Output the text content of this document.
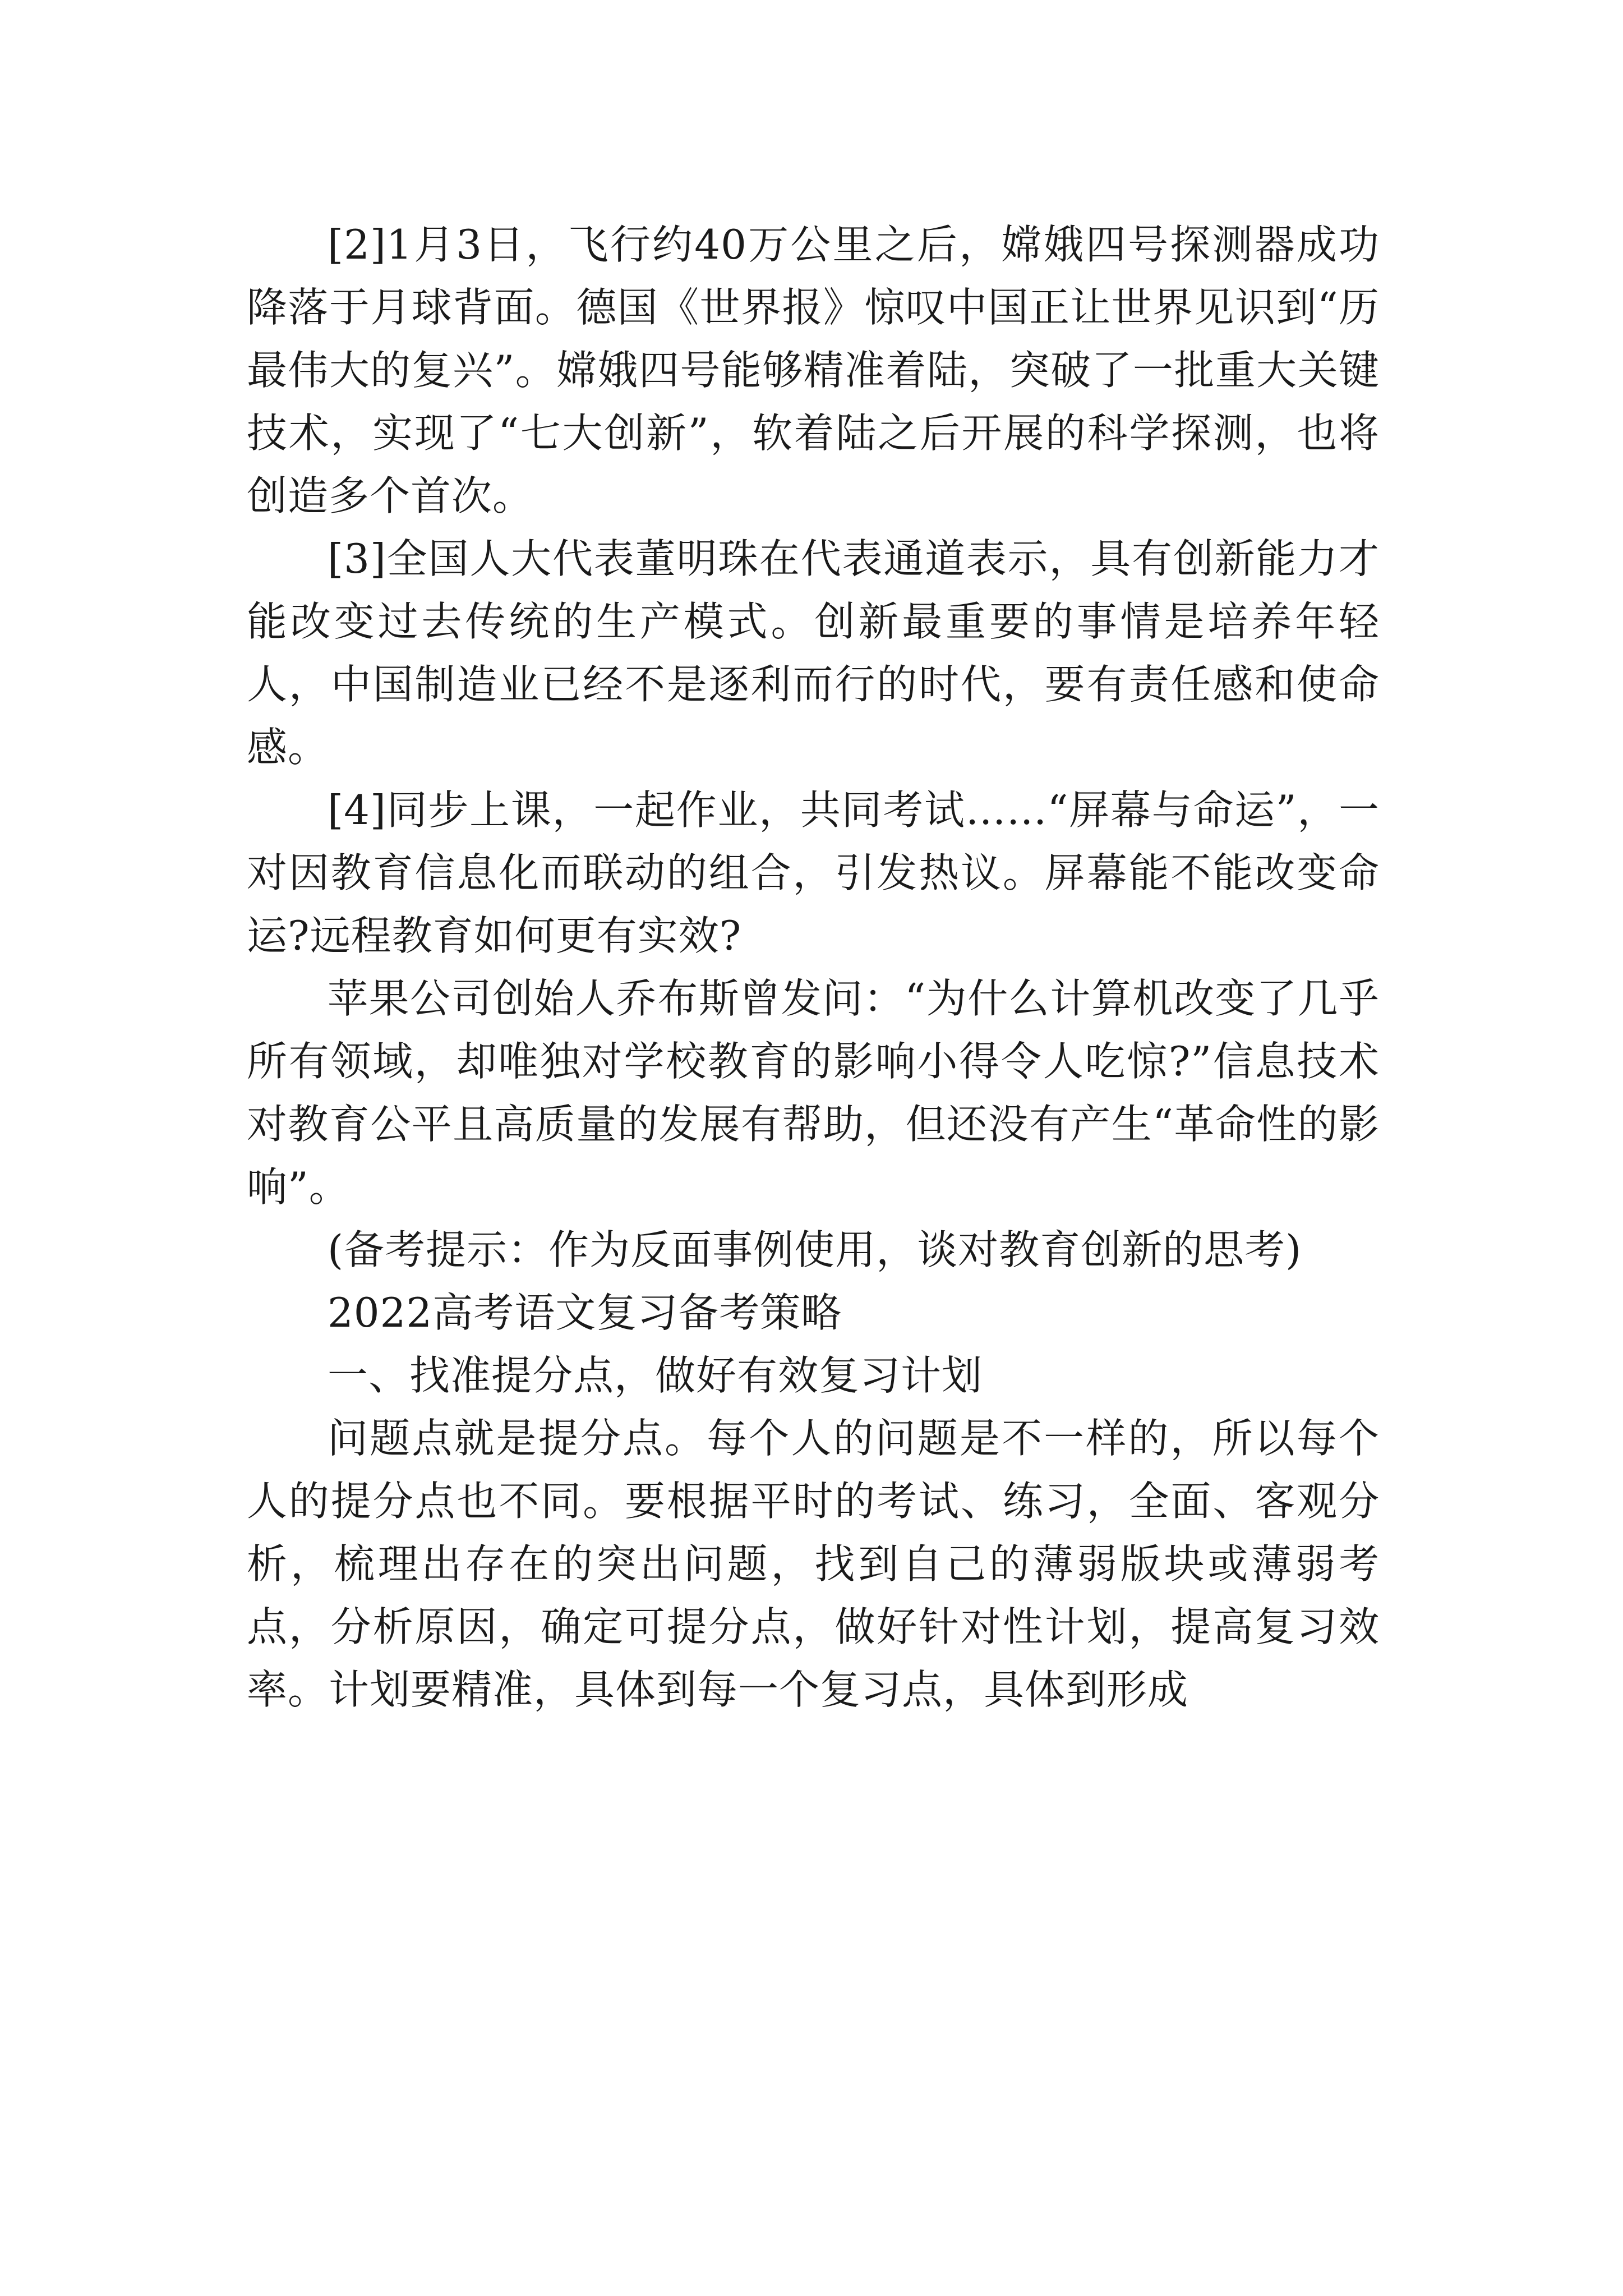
[2]1月3日，飞行约40万公里之后，嫦娥四号探测器成功降落于月球背面。德国《世界报》惊叹中国正让世界见识到“历最伟大的复兴”。嫦娥四号能够精准着陆，突破了一批重大关键技术，实现了“七大创新”，软着陆之后开展的科学探测，也将创造多个首次。

[3]全国人大代表董明珠在代表通道表示，具有创新能力才能改变过去传统的生产模式。创新最重要的事情是培养年轻人，中国制造业已经不是逐利而行的时代，要有责任感和使命感。

[4]同步上课，一起作业，共同考试……“屏幕与命运”，一对因教育信息化而联动的组合，引发热议。屏幕能不能改变命运?远程教育如何更有实效?

苹果公司创始人乔布斯曾发问：“为什么计算机改变了几乎所有领域，却唯独对学校教育的影响小得令人吃惊?”信息技术对教育公平且高质量的发展有帮助，但还没有产生“革命性的影响”。

(备考提示：作为反面事例使用，谈对教育创新的思考)

2022高考语文复习备考策略

一、找准提分点，做好有效复习计划

问题点就是提分点。每个人的问题是不一样的，所以每个人的提分点也不同。要根据平时的考试、练习，全面、客观分析，梳理出存在的突出问题，找到自己的薄弱版块或薄弱考点，分析原因，确定可提分点，做好针对性计划，提高复习效率。计划要精准，具体到每一个复习点，具体到形成
